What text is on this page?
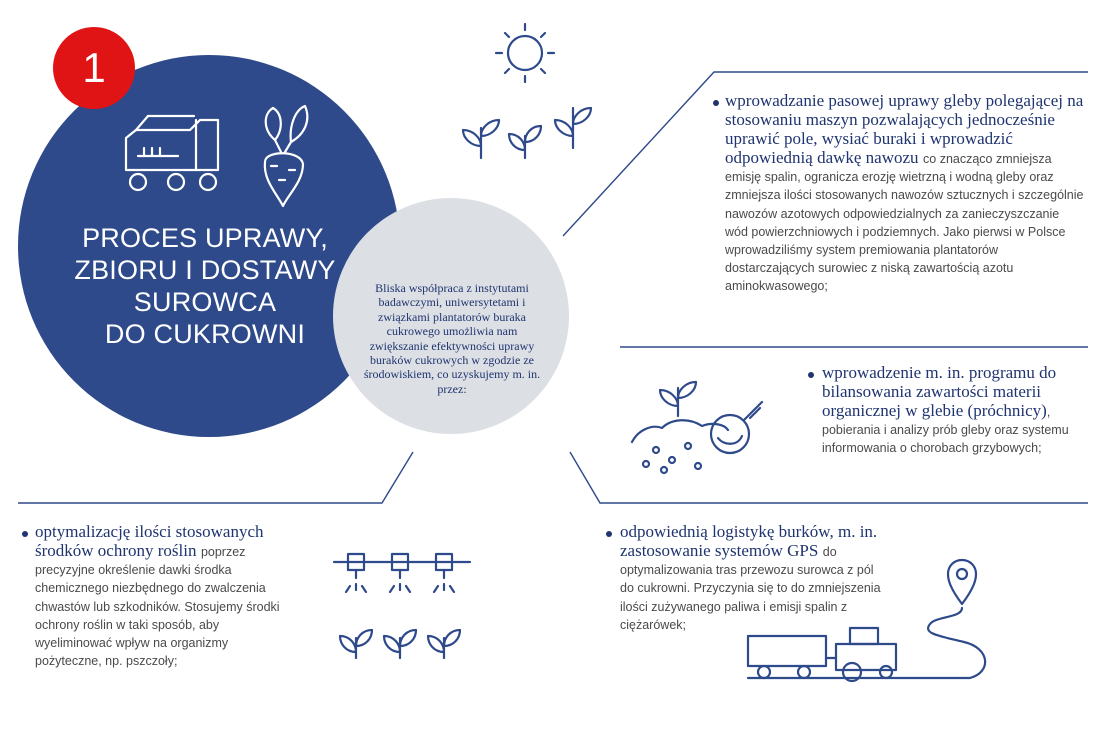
1
PROCES UPRAWY,
ZBIORU I DOSTAWY
SUROWCA
DO CUKROWNI
Bliska współpraca z instytutami badawczymi, uniwersytetami i związkami plantatorów buraka cukrowego umożliwia nam zwiększanie efektywności uprawy buraków cukrowych w zgodzie ze środowiskiem, co uzyskujemy m. in. przez:
wprowadzanie pasowej uprawy gleby polegającej na stosowaniu maszyn pozwalających jednocześnie uprawić pole, wysiać buraki i wprowadzić odpowiednią dawkę nawozu co znacząco zmniejsza emisję spalin, ogranicza erozję wietrzną i wodną gleby oraz zmniejsza ilości stosowanych nawozów sztucznych i szczególnie nawozów azotowych odpowiedzialnych za zanieczyszczanie wód powierzchniowych i podziemnych. Jako pierwsi w Polsce wprowadziliśmy system premiowania plantatorów dostarczających surowiec z niską zawartością azotu aminokwasowego;
wprowadzenie m. in. programu do bilansowania zawartości materii organicznej w glebie (próchnicy), pobierania i analizy prób gleby oraz systemu informowania o chorobach grzybowych;
optymalizację ilości stosowanych środków ochrony roślin poprzez precyzyjne określenie dawki środka chemicznego niezbędnego do zwalczenia chwastów lub szkodników. Stosujemy środki ochrony roślin w taki sposób, aby wyeliminować wpływ na organizmy pożyteczne, np. pszczoły;
odpowiednią logistykę burków, m. in. zastosowanie systemów GPS do optymalizowania tras przewozu surowca z pól do cukrowni. Przyczynia się to do zmniejszenia ilości zużywanego paliwa i emisji spalin z ciężarówek;
